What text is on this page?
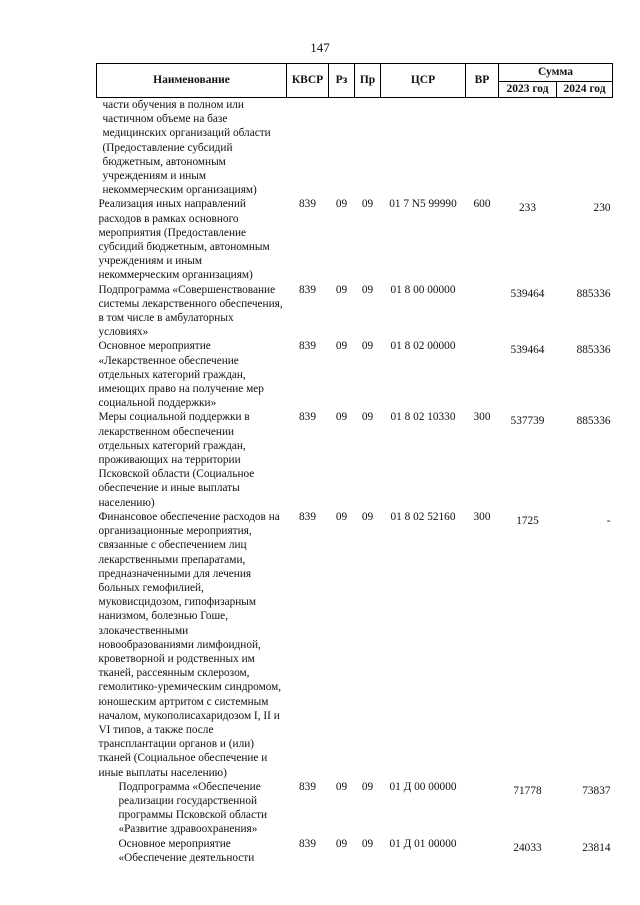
147
Наименование	КВСР	Рз	Пр	ЦСР	ВР	Сумма	
						2023 год	2024 год
части обучения в полном или частичном объеме на базе медицинских организаций области (Предоставление субсидий бюджетным, автономным учреждениям и иным некоммерческим организациям)							
Реализация иных направлений расходов в рамках основного мероприятия (Предоставление субсидий бюджетным, автономным учреждениям и иным некоммерческим организациям)	839	09	09	01 7 N5 99990	600	233	230
Подпрограмма «Совершенствование системы лекарственного обеспечения, в том числе в амбулаторных условиях»	839	09	09	01 8 00 00000		539464	885336
Основное мероприятие «Лекарственное обеспечение отдельных категорий граждан, имеющих право на получение мер социальной поддержки»	839	09	09	01 8 02 00000		539464	885336
Меры социальной поддержки в лекарственном обеспечении отдельных категорий граждан, проживающих на территории Псковской области (Социальное обеспечение и иные выплаты населению)	839	09	09	01 8 02 10330	300	537739	885336
Финансовое обеспечение расходов на организационные мероприятия, связанные с обеспечением лиц лекарственными препаратами, предназначенными для лечения больных гемофилией, муковисцидозом, гипофизарным нанизмом, болезнью Гоше, злокачественными новообразованиями лимфоидной, кроветворной и родственных им тканей, рассеянным склерозом, гемолитико-уремическим синдромом, юношеским артритом с системным началом, мукополисахаридозом I, II и VI типов, а также после трансплантации органов и (или) тканей (Социальное обеспечение и иные выплаты населению)	839	09	09	01 8 02 52160	300	1725	-
Подпрограмма «Обеспечение реализации государственной программы Псковской области «Развитие здравоохранения»	839	09	09	01 Д 00 00000		71778	73837
Основное мероприятие «Обеспечение деятельности	839	09	09	01 Д 01 00000		24033	23814
